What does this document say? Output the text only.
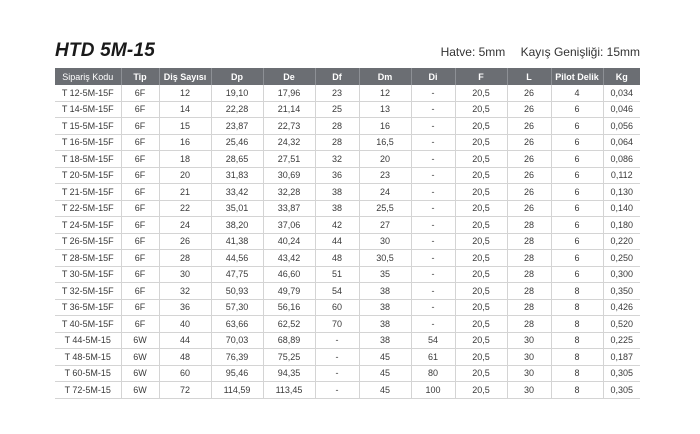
HTD 5M-15	Hatve: 5mm Kayış Genişliği: 15mm
Sipariş Kodu	Tip	Diş Sayısı	Dp	De	Df	Dm	Di	F	L	Pilot Delik	Kg
T 12-5M-15F	6F	12	19,10	17,96	23	12	-	20,5	26	4	0,034
T 14-5M-15F	6F	14	22,28	21,14	25	13	-	20,5	26	6	0,046
T 15-5M-15F	6F	15	23,87	22,73	28	16	-	20,5	26	6	0,056
T 16-5M-15F	6F	16	25,46	24,32	28	16,5	-	20,5	26	6	0,064
T 18-5M-15F	6F	18	28,65	27,51	32	20	-	20,5	26	6	0,086
T 20-5M-15F	6F	20	31,83	30,69	36	23	-	20,5	26	6	0,112
T 21-5M-15F	6F	21	33,42	32,28	38	24	-	20,5	26	6	0,130
T 22-5M-15F	6F	22	35,01	33,87	38	25,5	-	20,5	26	6	0,140
T 24-5M-15F	6F	24	38,20	37,06	42	27	-	20,5	28	6	0,180
T 26-5M-15F	6F	26	41,38	40,24	44	30	-	20,5	28	6	0,220
T 28-5M-15F	6F	28	44,56	43,42	48	30,5	-	20,5	28	6	0,250
T 30-5M-15F	6F	30	47,75	46,60	51	35	-	20,5	28	6	0,300
T 32-5M-15F	6F	32	50,93	49,79	54	38	-	20,5	28	8	0,350
T 36-5M-15F	6F	36	57,30	56,16	60	38	-	20,5	28	8	0,426
T 40-5M-15F	6F	40	63,66	62,52	70	38	-	20,5	28	8	0,520
T 44-5M-15	6W	44	70,03	68,89	-	38	54	20,5	30	8	0,225
T 48-5M-15	6W	48	76,39	75,25	-	45	61	20,5	30	8	0,187
T 60-5M-15	6W	60	95,46	94,35	-	45	80	20,5	30	8	0,305
T 72-5M-15	6W	72	114,59	113,45	-	45	100	20,5	30	8	0,305
